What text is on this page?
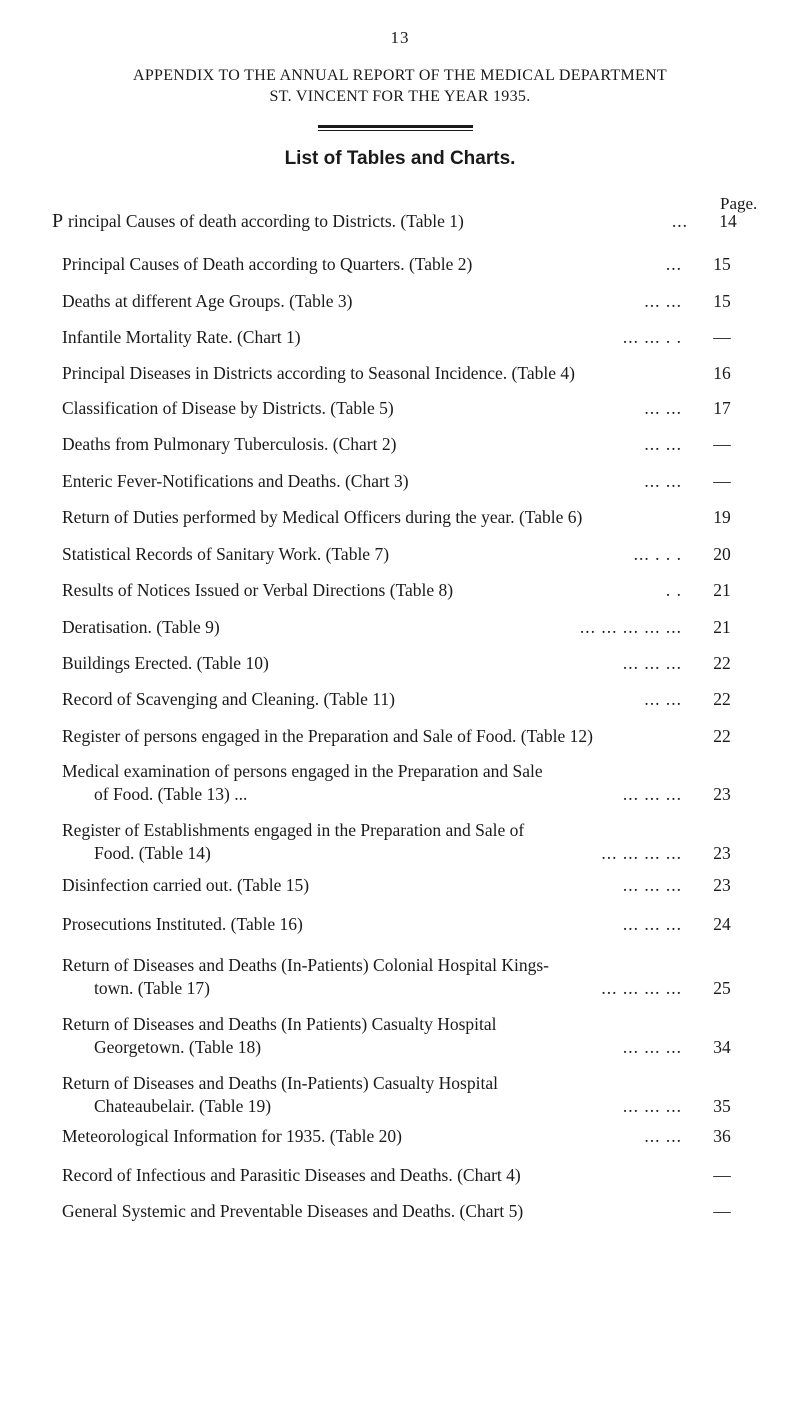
13
APPENDIX TO THE ANNUAL REPORT OF THE MEDICAL DEPARTMENT
ST. VINCENT FOR THE YEAR 1935.
List of Tables and Charts.
Page.
P rincipal Causes of death according to Districts. (Table 1)	...	14
Principal Causes of Death according to Quarters. (Table 2)	...	15
Deaths at different Age Groups. (Table 3)	... ...	15
Infantile Mortality Rate. (Chart 1)	... ... . .	—
Principal Diseases in Districts according to Seasonal Incidence. (Table 4)	16
Classification of Disease by Districts. (Table 5)	... ...	17
Deaths from Pulmonary Tuberculosis. (Chart 2)	... ...	—
Enteric Fever-Notifications and Deaths. (Chart 3)	... ...	—
Return of Duties performed by Medical Officers during the year. (Table 6)	19
Statistical Records of Sanitary Work. (Table 7)	... . . .	20
Results of Notices Issued or Verbal Directions (Table 8)	. .	21
Deratisation. (Table 9)	... ... ... ... ...	21
Buildings Erected. (Table 10)	... ... ...	22
Record of Scavenging and Cleaning. (Table 11)	... ...	22
Register of persons engaged in the Preparation and Sale of Food. (Table 12)	22
Medical examination of persons engaged in the Preparation and Sale
of Food. (Table 13) ...	... ... ...	23
Register of Establishments engaged in the Preparation and Sale of
Food. (Table 14)	... ... ... ...	23
Disinfection carried out. (Table 15)	... ... ...	23
Prosecutions Instituted. (Table 16)	... ... ...	24
Return of Diseases and Deaths (In-Patients) Colonial Hospital Kings-
town. (Table 17)	... ... ... ...	25
Return of Diseases and Deaths (In Patients) Casualty Hospital
Georgetown. (Table 18)	... ... ...	34
Return of Diseases and Deaths (In-Patients) Casualty Hospital
Chateaubelair. (Table 19)	... ... ...	35
Meteorological Information for 1935. (Table 20)	... ...	36
Record of Infectious and Parasitic Diseases and Deaths. (Chart 4)	—
General Systemic and Preventable Diseases and Deaths. (Chart 5)	—
